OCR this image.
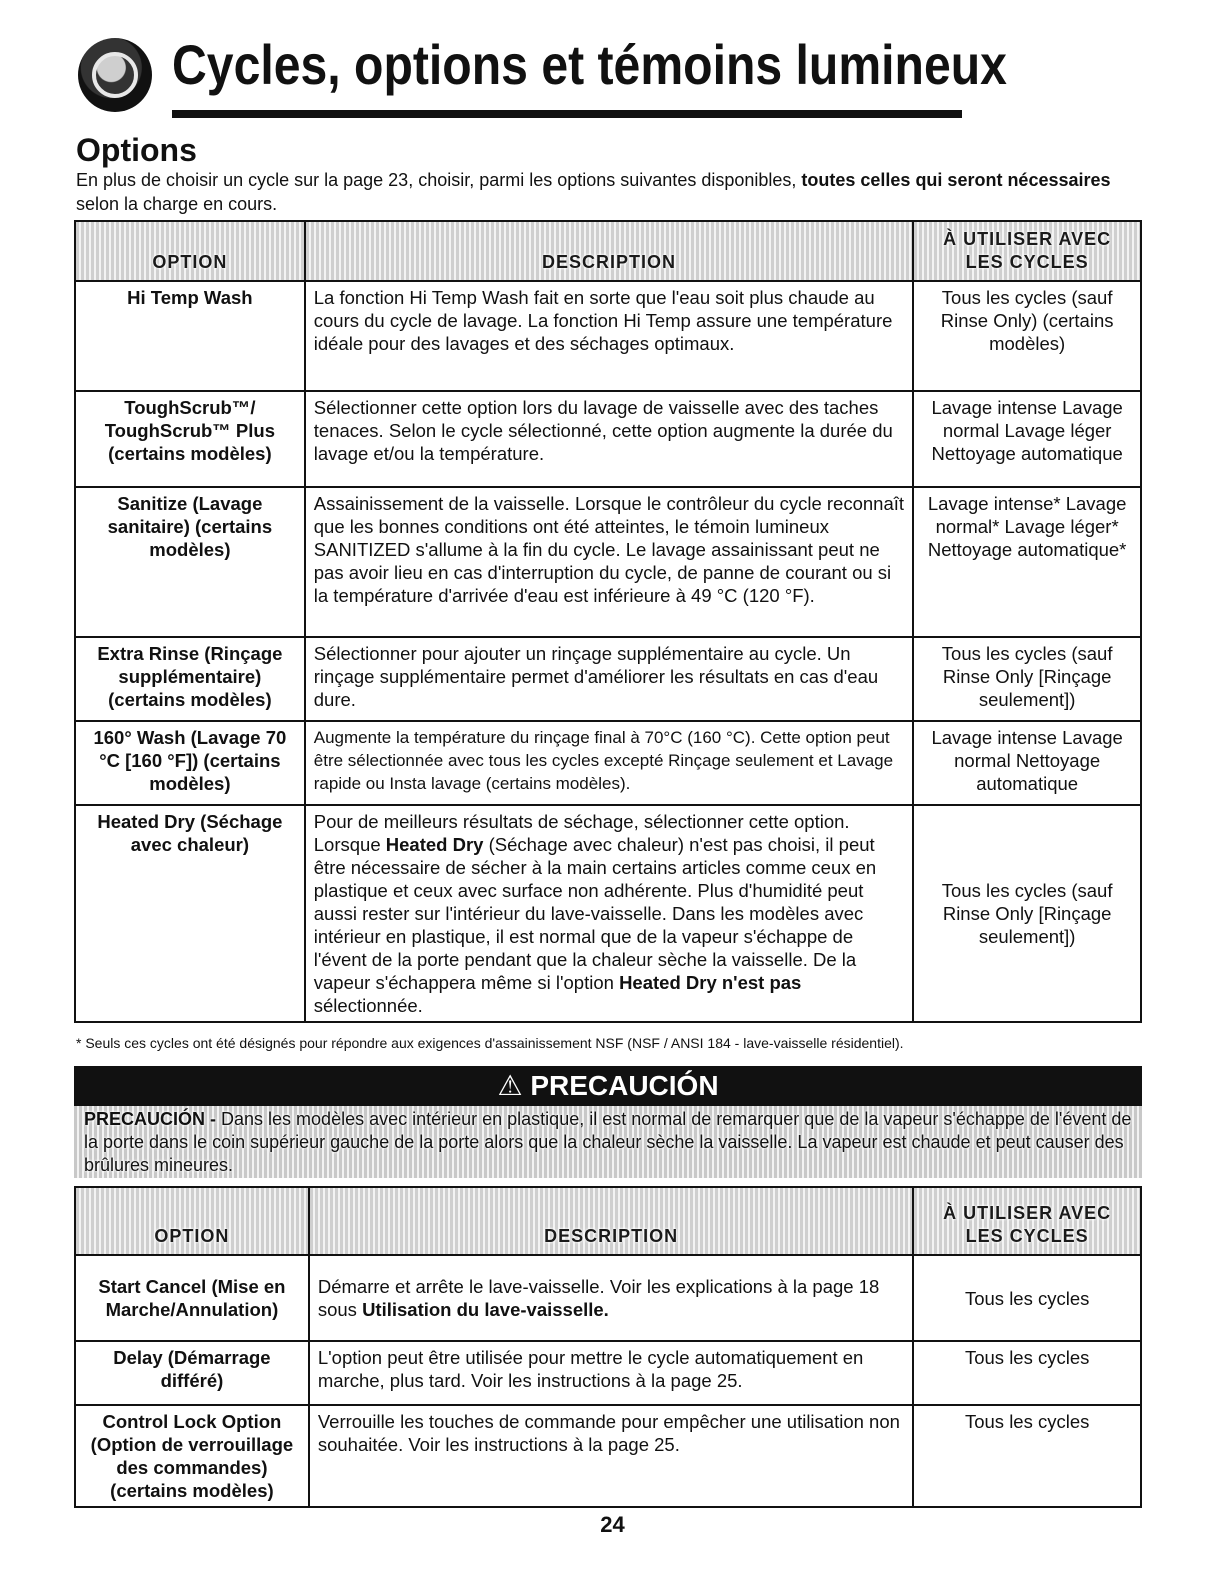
Cycles, options et témoins lumineux
Options
En plus de choisir un cycle sur la page 23, choisir, parmi les options suivantes disponibles, toutes celles qui seront nécessaires selon la charge en cours.
OPTION	DESCRIPTION	À UTILISER AVEC LES CYCLES
Hi Temp Wash	La fonction Hi Temp Wash fait en sorte que l'eau soit plus chaude au cours du cycle de lavage. La fonction Hi Temp assure une température idéale pour des lavages et des séchages optimaux.	Tous les cycles (sauf Rinse Only) (certains modèles)
ToughScrub™/ ToughScrub™ Plus (certains modèles)	Sélectionner cette option lors du lavage de vaisselle avec des taches tenaces. Selon le cycle sélectionné, cette option augmente la durée du lavage et/ou la température.	Lavage intense Lavage normal Lavage léger Nettoyage automatique
Sanitize (Lavage sanitaire) (certains modèles)	Assainissement de la vaisselle. Lorsque le contrôleur du cycle reconnaît que les bonnes conditions ont été atteintes, le témoin lumineux SANITIZED s'allume à la fin du cycle. Le lavage assainissant peut ne pas avoir lieu en cas d'interruption du cycle, de panne de courant ou si la température d'arrivée d'eau est inférieure à 49 °C (120 °F).	Lavage intense* Lavage normal* Lavage léger* Nettoyage automatique*
Extra Rinse (Rinçage supplémentaire) (certains modèles)	Sélectionner pour ajouter un rinçage supplémentaire au cycle. Un rinçage supplémentaire permet d'améliorer les résultats en cas d'eau dure.	Tous les cycles (sauf Rinse Only [Rinçage seulement])
160° Wash (Lavage 70 °C [160 °F]) (certains modèles)	Augmente la température du rinçage final à 70°C (160 °C). Cette option peut être sélectionnée avec tous les cycles excepté Rinçage seulement et Lavage rapide ou Insta lavage (certains modèles).	Lavage intense Lavage normal Nettoyage automatique
Heated Dry (Séchage avec chaleur)	Pour de meilleurs résultats de séchage, sélectionner cette option. Lorsque Heated Dry (Séchage avec chaleur) n'est pas choisi, il peut être nécessaire de sécher à la main certains articles comme ceux en plastique et ceux avec surface non adhérente. Plus d'humidité peut aussi rester sur l'intérieur du lave-vaisselle. Dans les modèles avec intérieur en plastique, il est normal que de la vapeur s'échappe de l'évent de la porte pendant que la chaleur sèche la vaisselle. De la vapeur s'échappera même si l'option Heated Dry n'est pas sélectionnée.	Tous les cycles (sauf Rinse Only [Rinçage seulement])
* Seuls ces cycles ont été désignés pour répondre aux exigences d'assainissement NSF (NSF / ANSI 184 - lave-vaisselle résidentiel).
⚠ PRECAUCIÓN
PRECAUCIÓN - Dans les modèles avec intérieur en plastique, il est normal de remarquer que de la vapeur s'échappe de l'évent de la porte dans le coin supérieur gauche de la porte alors que la chaleur sèche la vaisselle. La vapeur est chaude et peut causer des brûlures mineures.
OPTION	DESCRIPTION	À UTILISER AVEC LES CYCLES
Start Cancel (Mise en Marche/Annulation)	Démarre et arrête le lave-vaisselle. Voir les explications à la page 18 sous Utilisation du lave-vaisselle.	Tous les cycles
Delay (Démarrage différé)	L'option peut être utilisée pour mettre le cycle automatiquement en marche, plus tard. Voir les instructions à la page 25.	Tous les cycles
Control Lock Option (Option de verrouillage des commandes) (certains modèles)	Verrouille les touches de commande pour empêcher une utilisation non souhaitée. Voir les instructions à la page 25.	Tous les cycles
24
